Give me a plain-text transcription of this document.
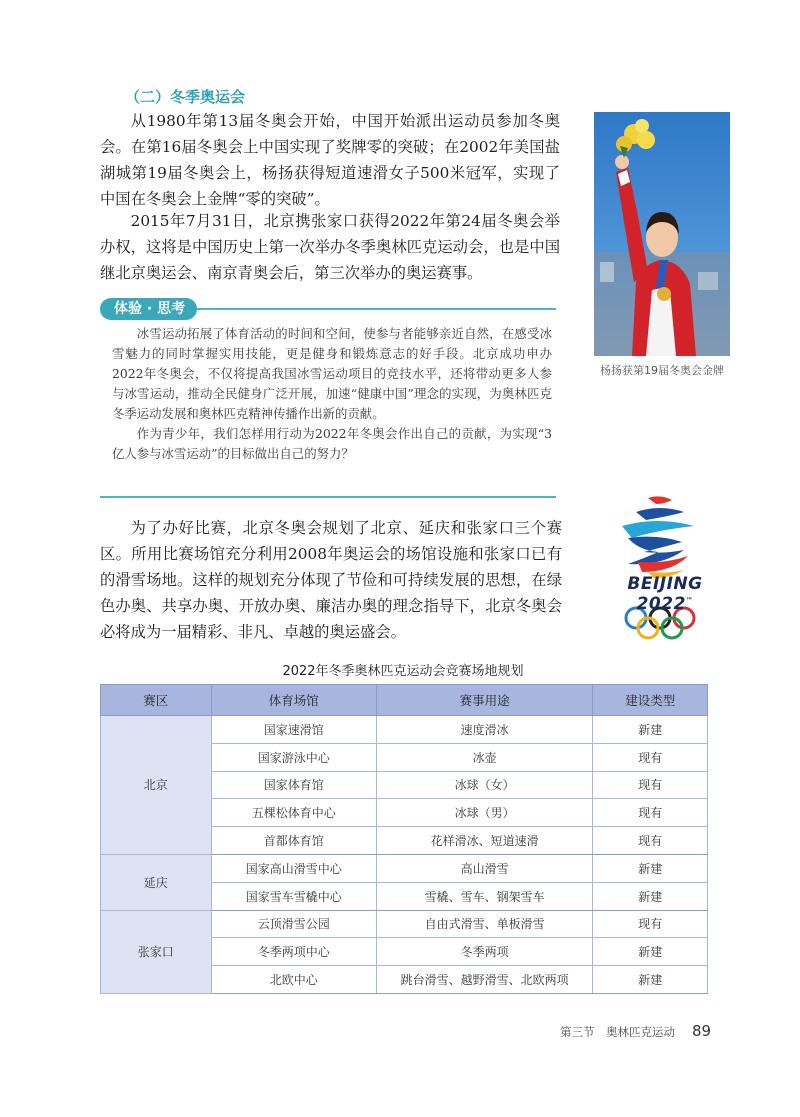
（二）冬季奥运会

从1980年第13届冬奥会开始，中国开始派出运动员参加冬奥会。在第16届冬奥会上中国实现了奖牌零的突破；在2002年美国盐湖城第19届冬奥会上，杨扬获得短道速滑女子500米冠军，实现了中国在冬奥会上金牌“零的突破”。

2015年7月31日，北京携张家口获得2022年第24届冬奥会举办权，这将是中国历史上第一次举办冬季奥林匹克运动会，也是中国继北京奥运会、南京青奥会后，第三次举办的奥运赛事。

体验 · 思考

冰雪运动拓展了体育活动的时间和空间，使参与者能够亲近自然，在感受冰雪魅力的同时掌握实用技能，更是健身和锻炼意志的好手段。北京成功申办2022年冬奥会，不仅将提高我国冰雪运动项目的竞技水平，还将带动更多人参与冰雪运动，推动全民健身广泛开展，加速“健康中国”理念的实现，为奥林匹克冬季运动发展和奥林匹克精神传播作出新的贡献。

作为青少年，我们怎样用行动为2022年冬奥会作出自己的贡献，为实现“3亿人参与冰雪运动”的目标做出自己的努力？

杨扬获第19届冬奥会金牌
BEIJING 2022™

为了办好比赛，北京冬奥会规划了北京、延庆和张家口三个赛区。所用比赛场馆充分利用2008年奥运会的场馆设施和张家口已有的滑雪场地。这样的规划充分体现了节俭和可持续发展的思想，在绿色办奥、共享办奥、开放办奥、廉洁办奥的理念指导下，北京冬奥会必将成为一届精彩、非凡、卓越的奥运盛会。

2022年冬季奥林匹克运动会竞赛场地规划
赛区	体育场馆	赛事用途	建设类型
北京	国家速滑馆	速度滑冰	新建
	国家游泳中心	冰壶	现有
	国家体育馆	冰球（女）	现有
	五棵松体育中心	冰球（男）	现有
	首都体育馆	花样滑冰、短道速滑	现有
延庆	国家高山滑雪中心	高山滑雪	新建
	国家雪车雪橇中心	雪橇、雪车、钢架雪车	新建
张家口	云顶滑雪公园	自由式滑雪、单板滑雪	现有
	冬季两项中心	冬季两项	新建
	北欧中心	跳台滑雪、越野滑雪、北欧两项	新建
第三节　奥林匹克运动 89
